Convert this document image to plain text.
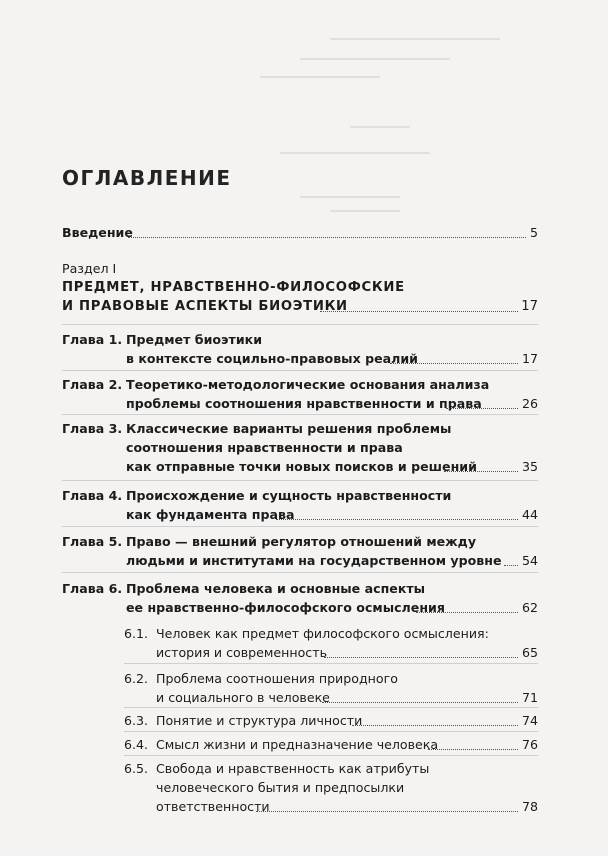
ОГЛАВЛЕНИЕ
Введение	5
Раздел I
ПРЕДМЕТ, НРАВСТВЕННО-ФИЛОСОФСКИЕ
И ПРАВОВЫЕ АСПЕКТЫ БИОЭТИКИ	17
Глава 1. Предмет биоэтики
в контексте социльно-правовых реалий	17
Глава 2. Теоретико-методологические основания анализа
проблемы соотношения нравственности и права	26
Глава 3. Классические варианты решения проблемы
соотношения нравственности и права
как отправные точки новых поисков и решений	35
Глава 4. Происхождение и сущность нравственности
как фундамента права	44
Глава 5. Право — внешний регулятор отношений между
людьми и институтами на государственном уровне 54
Глава 6. Проблема человека и основные аспекты
ее нравственно-философского осмысления	62
6.1. Человек как предмет философского осмысления:
история и современность	65
6.2. Проблема соотношения природного
и социального в человеке	71
6.3. Понятие и структура личности	74
6.4. Смысл жизни и предназначение человека	76
6.5. Свобода и нравственность как атрибуты
человеческого бытия и предпосылки
ответственности	78
